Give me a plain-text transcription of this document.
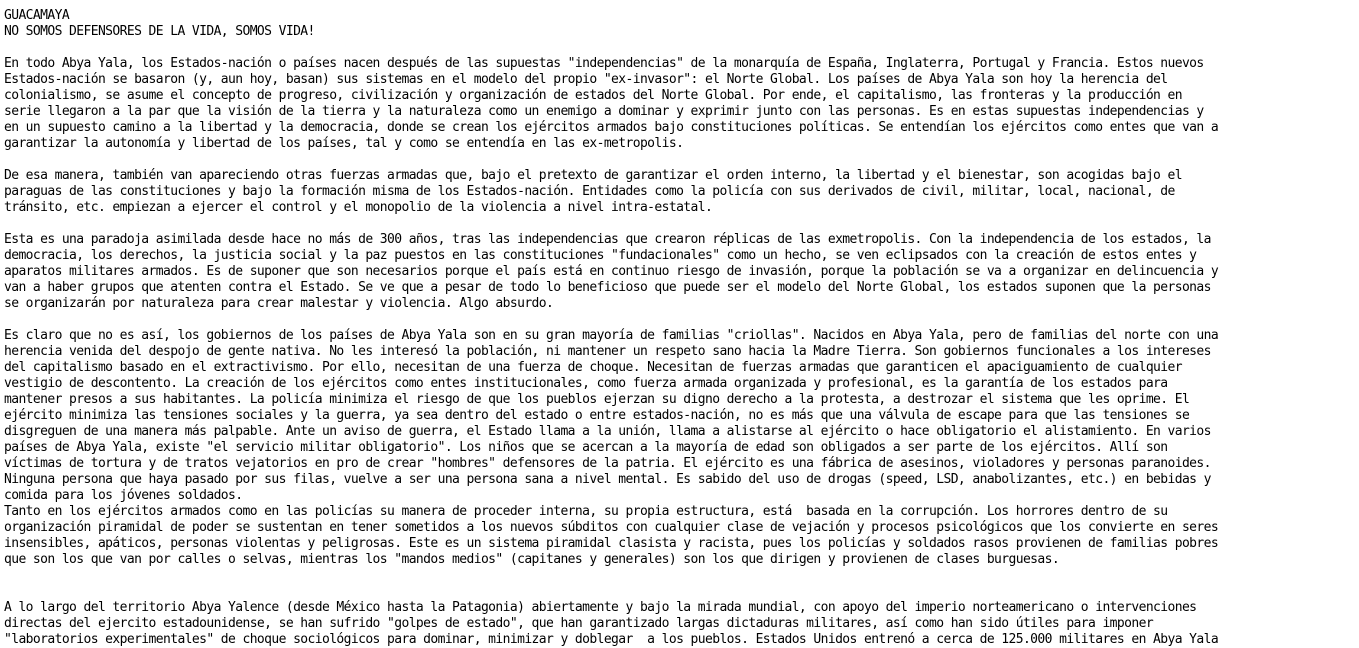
GUACAMAYA
NO SOMOS DEFENSORES DE LA VIDA, SOMOS VIDA!
En todo Abya Yala, los Estados-nación o países nacen después de las supuestas "independencias" de la monarquía de España, Inglaterra, Portugal y Francia. Estos nuevos
Estados-nación se basaron (y, aun hoy, basan) sus sistemas en el modelo del propio "ex-invasor": el Norte Global. Los países de Abya Yala son hoy la herencia del
colonialismo, se asume el concepto de progreso, civilización y organización de estados del Norte Global. Por ende, el capitalismo, las fronteras y la producción en
serie llegaron a la par que la visión de la tierra y la naturaleza como un enemigo a dominar y exprimir junto con las personas. Es en estas supuestas independencias y
en un supuesto camino a la libertad y la democracia, donde se crean los ejércitos armados bajo constituciones políticas. Se entendían los ejércitos como entes que van a
garantizar la autonomía y libertad de los países, tal y como se entendía en las ex-metropolis.
De esa manera, también van apareciendo otras fuerzas armadas que, bajo el pretexto de garantizar el orden interno, la libertad y el bienestar, son acogidas bajo el
paraguas de las constituciones y bajo la formación misma de los Estados-nación. Entidades como la policía con sus derivados de civil, militar, local, nacional, de
tránsito, etc. empiezan a ejercer el control y el monopolio de la violencia a nivel intra-estatal.
Esta es una paradoja asimilada desde hace no más de 300 años, tras las independencias que crearon réplicas de las exmetropolis. Con la independencia de los estados, la
democracia, los derechos, la justicia social y la paz puestos en las constituciones "fundacionales" como un hecho, se ven eclipsados con la creación de estos entes y
aparatos militares armados. Es de suponer que son necesarios porque el país está en continuo riesgo de invasión, porque la población se va a organizar en delincuencia y
van a haber grupos que atenten contra el Estado. Se ve que a pesar de todo lo beneficioso que puede ser el modelo del Norte Global, los estados suponen que la personas
se organizarán por naturaleza para crear malestar y violencia. Algo absurdo.
Es claro que no es así, los gobiernos de los países de Abya Yala son en su gran mayoría de familias "criollas". Nacidos en Abya Yala, pero de familias del norte con una
herencia venida del despojo de gente nativa. No les interesó la población, ni mantener un respeto sano hacia la Madre Tierra. Son gobiernos funcionales a los intereses
del capitalismo basado en el extractivismo. Por ello, necesitan de una fuerza de choque. Necesitan de fuerzas armadas que garanticen el apaciguamiento de cualquier
vestigio de descontento. La creación de los ejércitos como entes institucionales, como fuerza armada organizada y profesional, es la garantía de los estados para
mantener presos a sus habitantes. La policía minimiza el riesgo de que los pueblos ejerzan su digno derecho a la protesta, a destrozar el sistema que les oprime. El
ejército minimiza las tensiones sociales y la guerra, ya sea dentro del estado o entre estados-nación, no es más que una válvula de escape para que las tensiones se
disgreguen de una manera más palpable. Ante un aviso de guerra, el Estado llama a la unión, llama a alistarse al ejército o hace obligatorio el alistamiento. En varios
países de Abya Yala, existe "el servicio militar obligatorio". Los niños que se acercan a la mayoría de edad son obligados a ser parte de los ejércitos. Allí son
víctimas de tortura y de tratos vejatorios en pro de crear "hombres" defensores de la patria. El ejército es una fábrica de asesinos, violadores y personas paranoides.
Ninguna persona que haya pasado por sus filas, vuelve a ser una persona sana a nivel mental. Es sabido del uso de drogas (speed, LSD, anabolizantes, etc.) en bebidas y
comida para los jóvenes soldados.
Tanto en los ejércitos armados como en las policías su manera de proceder interna, su propia estructura, está  basada en la corrupción. Los horrores dentro de su
organización piramidal de poder se sustentan en tener sometidos a los nuevos súbditos con cualquier clase de vejación y procesos psicológicos que los convierte en seres
insensibles, apáticos, personas violentas y peligrosas. Este es un sistema piramidal clasista y racista, pues los policías y soldados rasos provienen de familias pobres
que son los que van por calles o selvas, mientras los "mandos medios" (capitanes y generales) son los que dirigen y provienen de clases burguesas.
A lo largo del territorio Abya Yalence (desde México hasta la Patagonia) abiertamente y bajo la mirada mundial, con apoyo del imperio norteamericano o intervenciones
directas del ejercito estadounidense, se han sufrido "golpes de estado", que han garantizado largas dictaduras militares, así como han sido útiles para imponer
"laboratorios experimentales" de choque sociológicos para dominar, minimizar y doblegar  a los pueblos. Estados Unidos entrenó a cerca de 125.000 militares en Abya Yala
